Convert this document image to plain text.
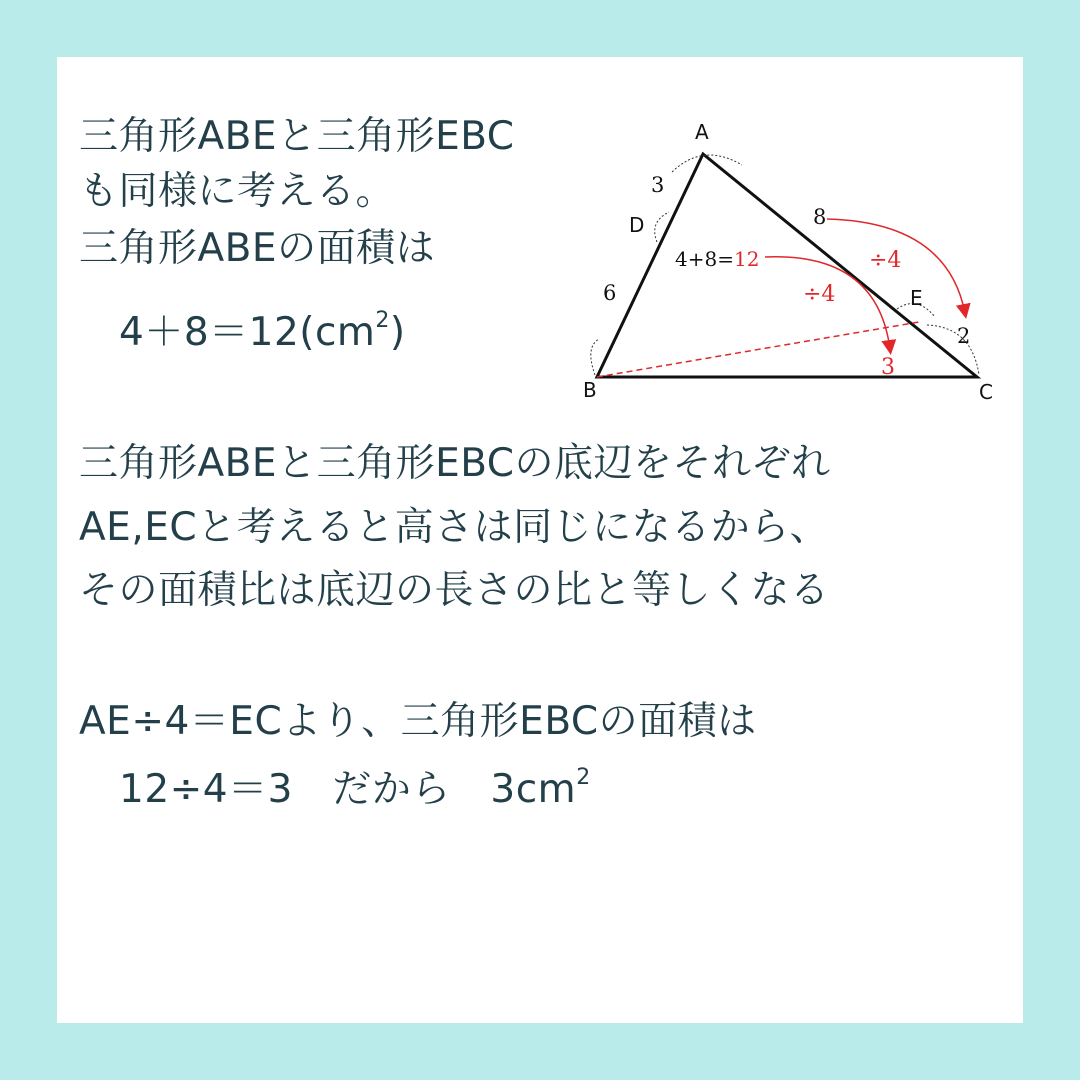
三角形ABEと三角形EBC
も同様に考える。
三角形ABEの面積は
$4+8=12(cm^2)$
三角形ABEと三角形EBCの底辺をそれぞれ
AE,ECと考えると高さは同じになるから、
その面積比は底辺の長さの比と等しくなる
AE÷4＝ECより、三角形EBCの面積は
12÷4＝3　だから　$3cm^2$
A
D
B	C
E
3
6
8
2
4+8=12	÷4
÷4
3
